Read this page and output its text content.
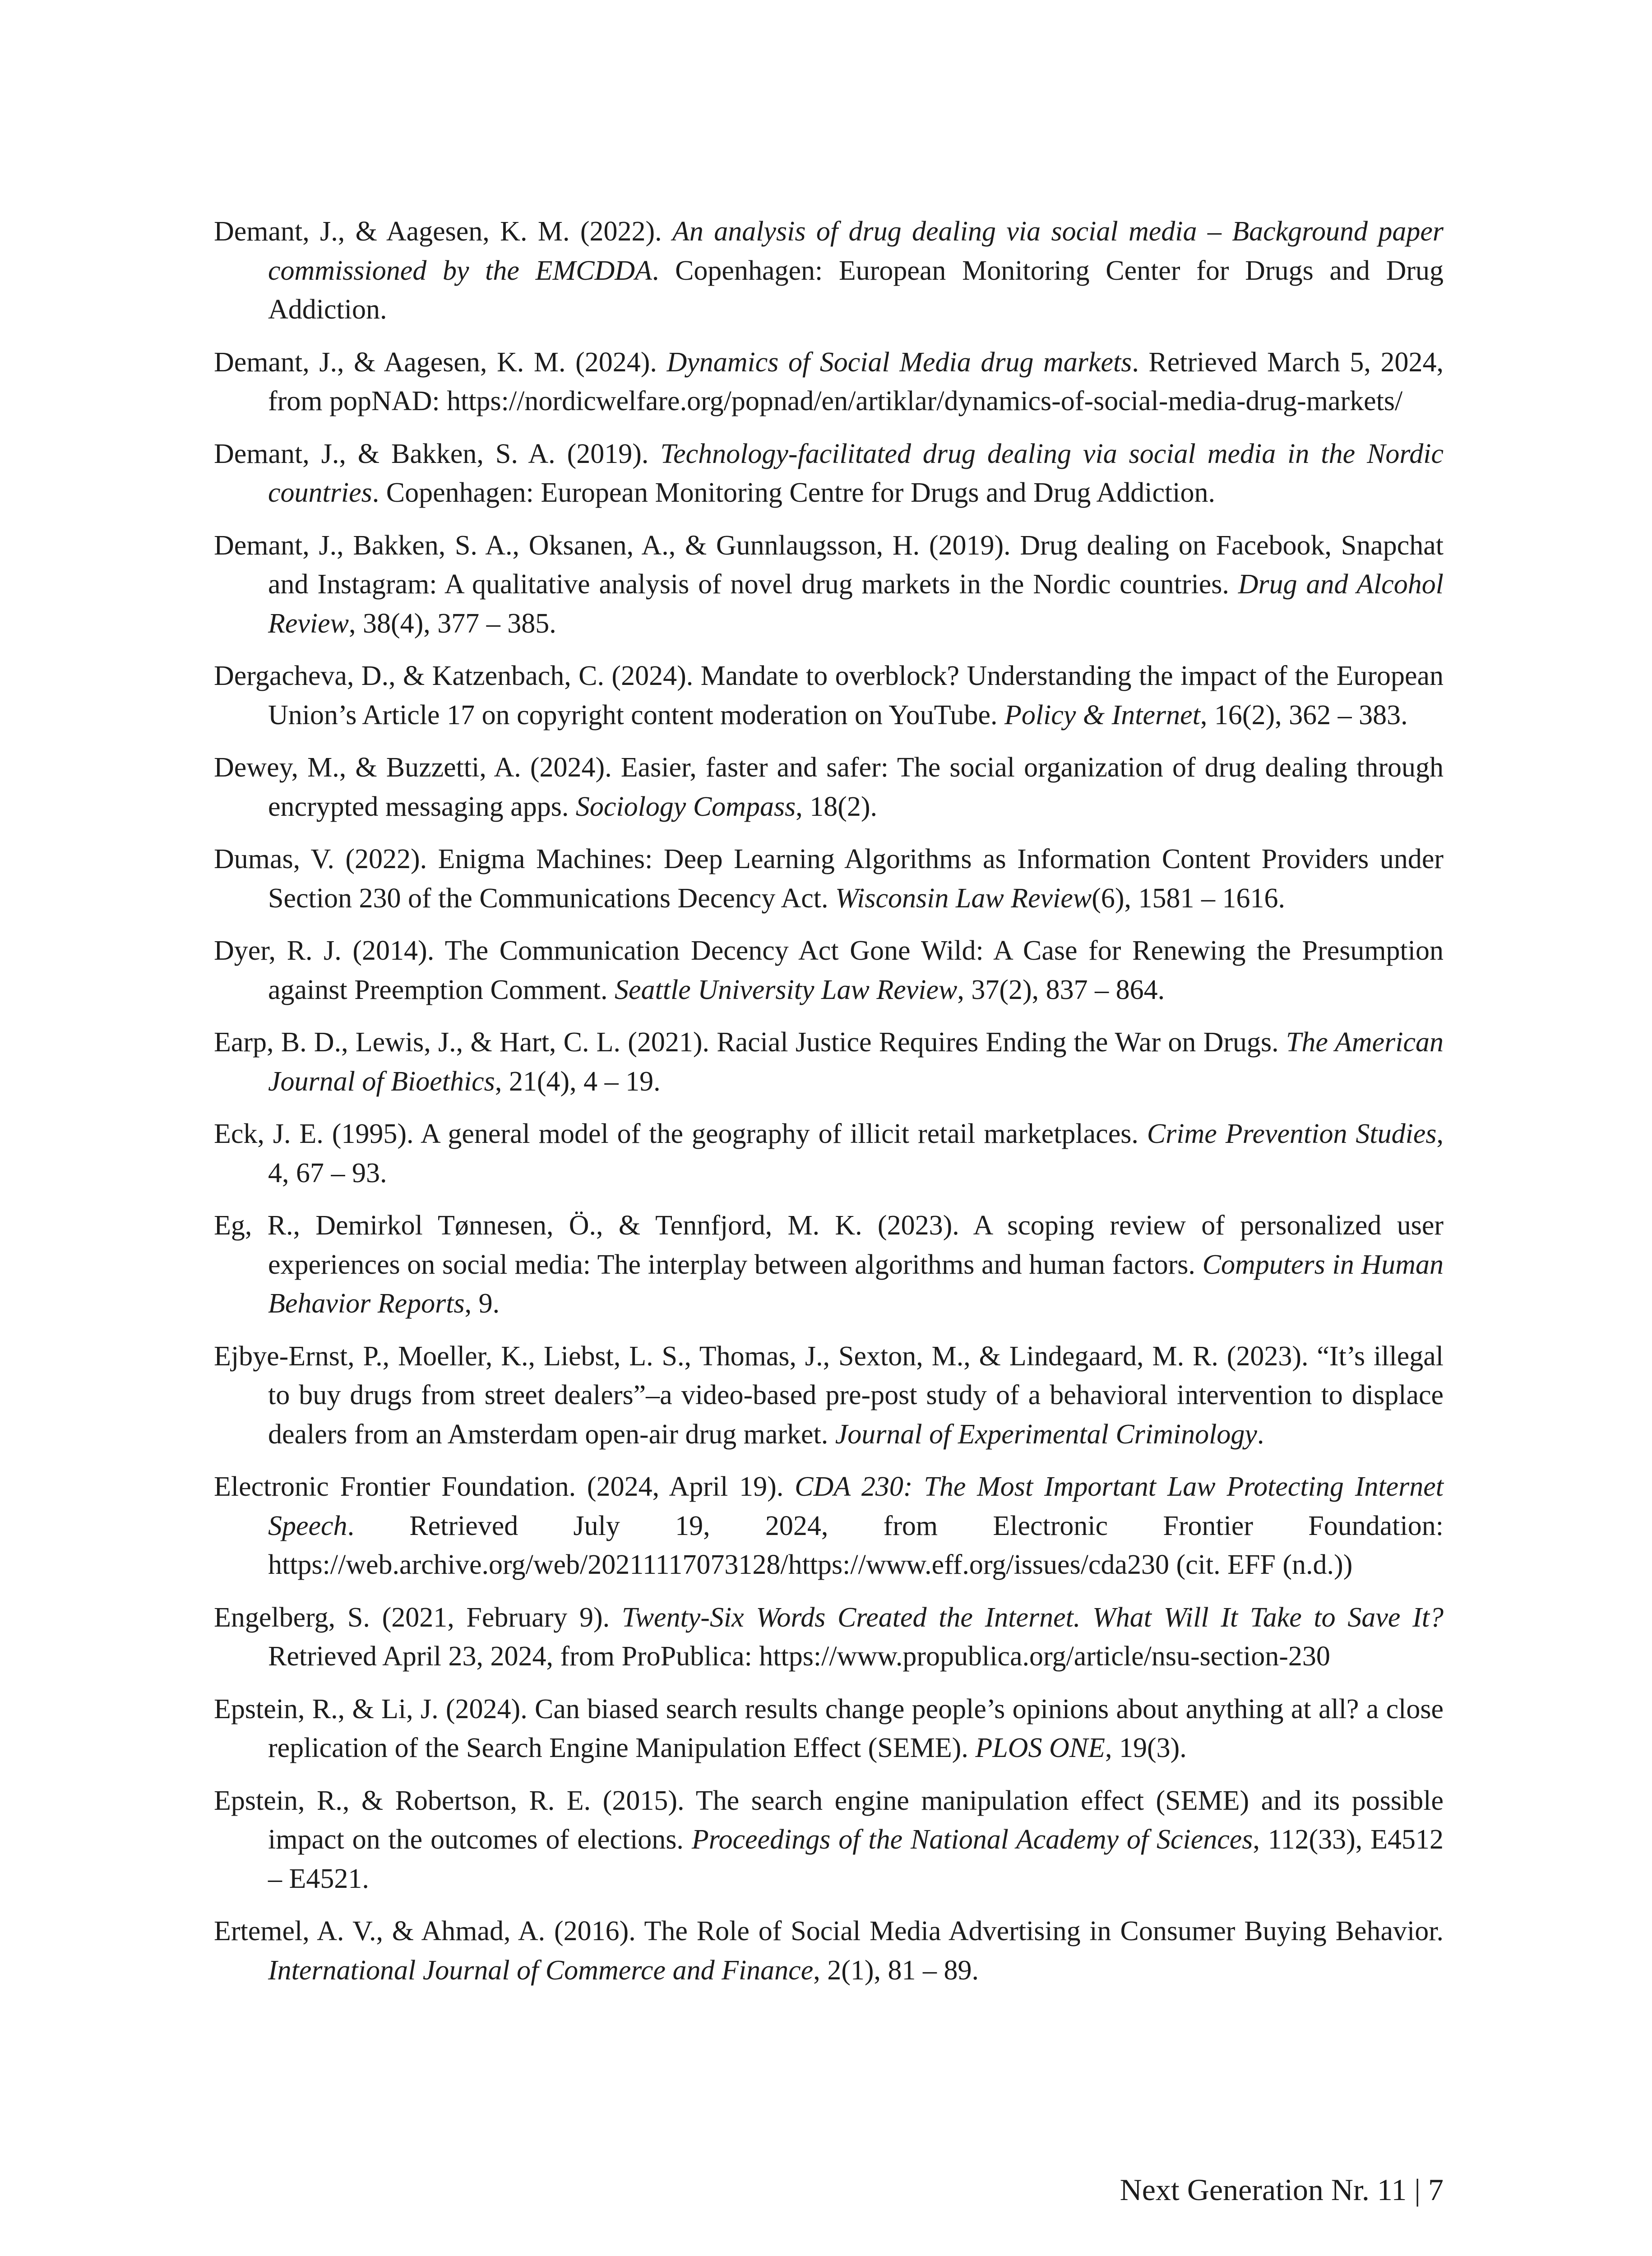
Demant, J., & Aagesen, K. M. (2022). An analysis of drug dealing via social media – Background paper commissioned by the EMCDDA. Copenhagen: European Monitoring Center for Drugs and Drug Addiction.

Demant, J., & Aagesen, K. M. (2024). Dynamics of Social Media drug markets. Retrieved March 5, 2024, from popNAD: https://nordicwelfare.org/popnad/en/artiklar/dynamics-of-social-media-drug-markets/

Demant, J., & Bakken, S. A. (2019). Technology-facilitated drug dealing via social media in the Nordic countries. Copenhagen: European Monitoring Centre for Drugs and Drug Addiction.

Demant, J., Bakken, S. A., Oksanen, A., & Gunnlaugsson, H. (2019). Drug dealing on Facebook, Snapchat and Instagram: A qualitative analysis of novel drug markets in the Nordic countries. Drug and Alcohol Review, 38(4), 377 – 385.

Dergacheva, D., & Katzenbach, C. (2024). Mandate to overblock? Understanding the impact of the European Union’s Article 17 on copyright content moderation on YouTube. Policy & Internet, 16(2), 362 – 383.

Dewey, M., & Buzzetti, A. (2024). Easier, faster and safer: The social organization of drug dealing through encrypted messaging apps. Sociology Compass, 18(2).

Dumas, V. (2022). Enigma Machines: Deep Learning Algorithms as Information Content Providers under Section 230 of the Communications Decency Act. Wisconsin Law Review(6), 1581 – 1616.

Dyer, R. J. (2014). The Communication Decency Act Gone Wild: A Case for Renewing the Presumption against Preemption Comment. Seattle University Law Review, 37(2), 837 – 864.

Earp, B. D., Lewis, J., & Hart, C. L. (2021). Racial Justice Requires Ending the War on Drugs. The American Journal of Bioethics, 21(4), 4 – 19.

Eck, J. E. (1995). A general model of the geography of illicit retail marketplaces. Crime Prevention Studies, 4, 67 – 93.

Eg, R., Demirkol Tønnesen, Ö., & Tennfjord, M. K. (2023). A scoping review of personalized user experiences on social media: The interplay between algorithms and human factors. Computers in Human Behavior Reports, 9.

Ejbye-Ernst, P., Moeller, K., Liebst, L. S., Thomas, J., Sexton, M., & Lindegaard, M. R. (2023). “It’s illegal to buy drugs from street dealers”–a video-based pre-post study of a behavioral intervention to displace dealers from an Amsterdam open-air drug market. Journal of Experimental Criminology.

Electronic Frontier Foundation. (2024, April 19). CDA 230: The Most Important Law Protecting Internet Speech. Retrieved July 19, 2024, from Electronic Frontier Foundation: https://web.archive.org/web/20211117073128/https://www.eff.org/issues/cda230 (cit. EFF (n.d.))

Engelberg, S. (2021, February 9). Twenty-Six Words Created the Internet. What Will It Take to Save It? Retrieved April 23, 2024, from ProPublica: https://www.propublica.org/article/nsu-section-230

Epstein, R., & Li, J. (2024). Can biased search results change people’s opinions about anything at all? a close replication of the Search Engine Manipulation Effect (SEME). PLOS ONE, 19(3).

Epstein, R., & Robertson, R. E. (2015). The search engine manipulation effect (SEME) and its possible impact on the outcomes of elections. Proceedings of the National Academy of Sciences, 112(33), E4512 – E4521.

Ertemel, A. V., & Ahmad, A. (2016). The Role of Social Media Advertising in Consumer Buying Behavior. International Journal of Commerce and Finance, 2(1), 81 – 89.

Next Generation Nr. 11 | 7
